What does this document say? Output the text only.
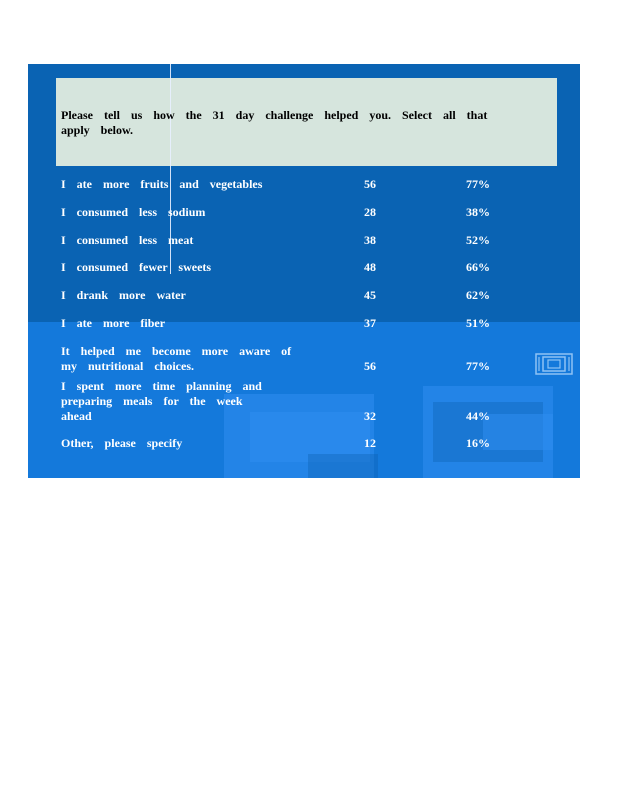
Please tell us how the 31 day challenge helped you. Select all that apply below.

I ate more fruits and vegetables	56	77%
I consumed less sodium	28	38%
I consumed less meat	38	52%
I consumed fewer sweets	48	66%
I drank more water	45	62%
I ate more fiber	37	51%
It helped me become more aware of my nutritional choices.	56	77%
I spent more time planning and preparing meals for the week ahead	32	44%
Other, please specify	12	16%
